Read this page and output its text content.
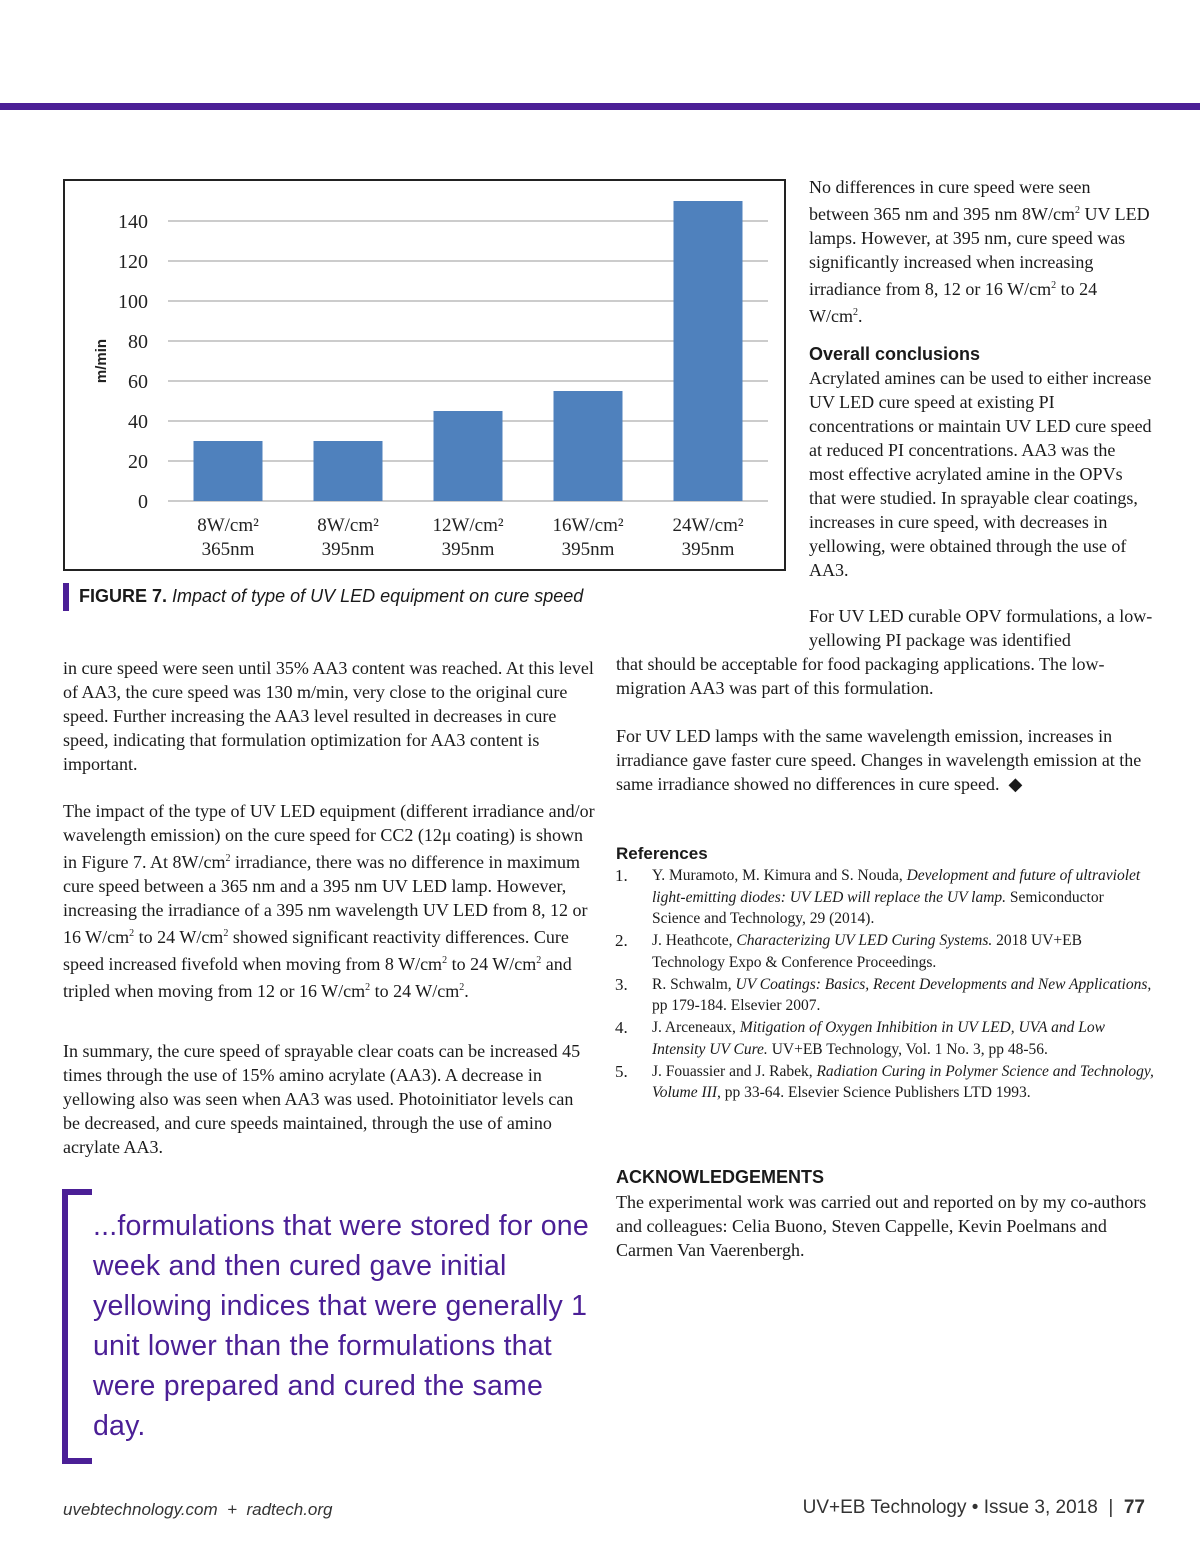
0
20
40
60
80
100
120
140
m/min
8W/cm²
365nm
8W/cm²
395nm
12W/cm²
395nm
16W/cm²
395nm
24W/cm²
395nm
FIGURE 7. Impact of type of UV LED equipment on cure speed
No differences in cure speed were seen between 365 nm and 395 nm $8W/cm^2$ UV LED lamps. However, at 395 nm, cure speed was significantly increased when increasing irradiance from 8, 12 or 16 $W/cm^2$ to 24 $W/cm^2$.
Overall conclusions
Acrylated amines can be used to either increase UV LED cure speed at existing PI concentrations or maintain UV LED cure speed at reduced PI concentrations. AA3 was the most effective acrylated amine in the OPVs that were studied. In sprayable clear coatings, increases in cure speed, with decreases in yellowing, were obtained through the use of AA3.
For UV LED curable OPV formulations, a low-yellowing PI package was identified
that should be acceptable for food packaging applications. The low-migration AA3 was part of this formulation.
For UV LED lamps with the same wavelength emission, increases in irradiance gave faster cure speed. Changes in wavelength emission at the same irradiance showed no differences in cure speed. ◆
References
1. Y. Muramoto, M. Kimura and S. Nouda, Development and future of ultraviolet light-emitting diodes: UV LED will replace the UV lamp. Semiconductor Science and Technology, 29 (2014).
2. J. Heathcote, Characterizing UV LED Curing Systems. 2018 UV+EB Technology Expo & Conference Proceedings.
3. R. Schwalm, UV Coatings: Basics, Recent Developments and New Applications, pp 179-184. Elsevier 2007.
4. J. Arceneaux, Mitigation of Oxygen Inhibition in UV LED, UVA and Low Intensity UV Cure. UV+EB Technology, Vol. 1 No. 3, pp 48-56.
5. J. Fouassier and J. Rabek, Radiation Curing in Polymer Science and Technology, Volume III, pp 33-64. Elsevier Science Publishers LTD 1993.
ACKNOWLEDGEMENTS
The experimental work was carried out and reported on by my co-authors and colleagues: Celia Buono, Steven Cappelle, Kevin Poelmans and Carmen Van Vaerenbergh.
in cure speed were seen until 35% AA3 content was reached. At this level of AA3, the cure speed was 130 m/min, very close to the original cure speed. Further increasing the AA3 level resulted in decreases in cure speed, indicating that formulation optimization for AA3 content is important.
The impact of the type of UV LED equipment (different irradiance and/or wavelength emission) on the cure speed for CC2 (12μ coating) is shown in Figure 7. At $8W/cm^2$ irradiance, there was no difference in maximum cure speed between a 365 nm and a 395 nm UV LED lamp. However, increasing the irradiance of a 395 nm wavelength UV LED from 8, 12 or 16 $W/cm^2$ to 24 $W/cm^2$ showed significant reactivity differences. Cure speed increased fivefold when moving from 8 $W/cm^2$ to 24 $W/cm^2$ and tripled when moving from 12 or 16 $W/cm^2$ to 24 $W/cm^2$.
In summary, the cure speed of sprayable clear coats can be increased 45 times through the use of 15% amino acrylate (AA3). A decrease in yellowing also was seen when AA3 was used. Photoinitiator levels can be decreased, and cure speeds maintained, through the use of amino acrylate AA3.
...formulations that were stored for one week and then cured gave initial yellowing indices that were generally 1 unit lower than the formulations that were prepared and cured the same day.
uvebtechnology.com  +  radtech.org	UV+EB Technology • Issue 3, 2018  |  77
